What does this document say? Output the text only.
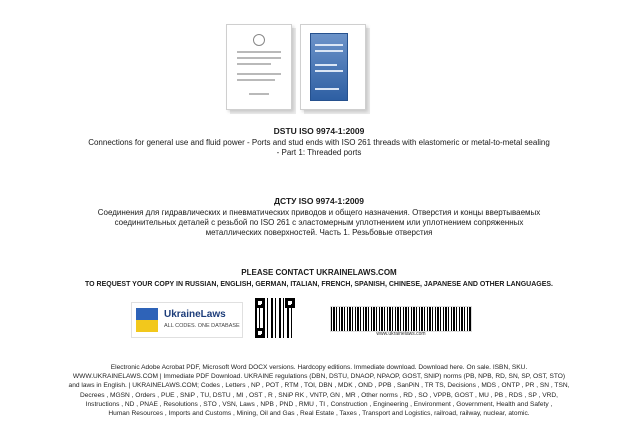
DSTU ISO 9974-1:2009
Connections for general use and fluid power - Ports and stud ends with ISO 261 threads with elastomeric or metal-to-metal sealing
- Part 1: Threaded ports
ДСТУ ISO 9974-1:2009
Соединения для гидравлических и пневматических приводов и общего назначения. Отверстия и концы ввертываемых
соединительных деталей с резьбой по ISO 261 с эластомерным уплотнением или уплотнением сопряженных
металлических поверхностей. Часть 1. Резьбовые отверстия
PLEASE CONTACT UKRAINELAWS.COM
TO REQUEST YOUR COPY IN RUSSIAN, ENGLISH, GERMAN, ITALIAN, FRENCH, SPANISH, CHINESE, JAPANESE AND OTHER LANGUAGES.
UkraineLaws
ALL CODES. ONE DATABASE
www.ukrainelaws.com

Electronic Adobe Acrobat PDF, Microsoft Word DOCX versions. Hardcopy editions. Immediate download. Download here. On sale. ISBN, SKU.

WWW.UKRAINELAWS.COM | Immediate PDF Download. UKRAINE regulations (DBN, DSTU, DNAOP, NPAOP, GOST, SNIP) norms (PB, NPB, RD, SN, SP, OST, STO)

and laws in English. | UKRAINELAWS.COM; Codes , Letters , NP , POT , RTM , TOI, DBN , MDK , OND , PPB , SanPiN , TR TS, Decisions , MDS , ONTP , PR , SN , TSN,

Decrees , MGSN , Orders , PUE , SNiP , TU, DSTU , MI , OST , R , SNiP RK , VNTP, GN , MR , Other norms , RD , SO , VPPB, GOST , MU , PB , RDS , SP , VRD,

Instructions , ND , PNAE , Resolutions , STO , VSN, Laws , NPB , PND , RMU , TI , Construction , Engineering , Environment , Government, Health and Safety ,

Human Resources , Imports and Customs , Mining, Oil and Gas , Real Estate , Taxes , Transport and Logistics, railroad, railway, nuclear, atomic.
